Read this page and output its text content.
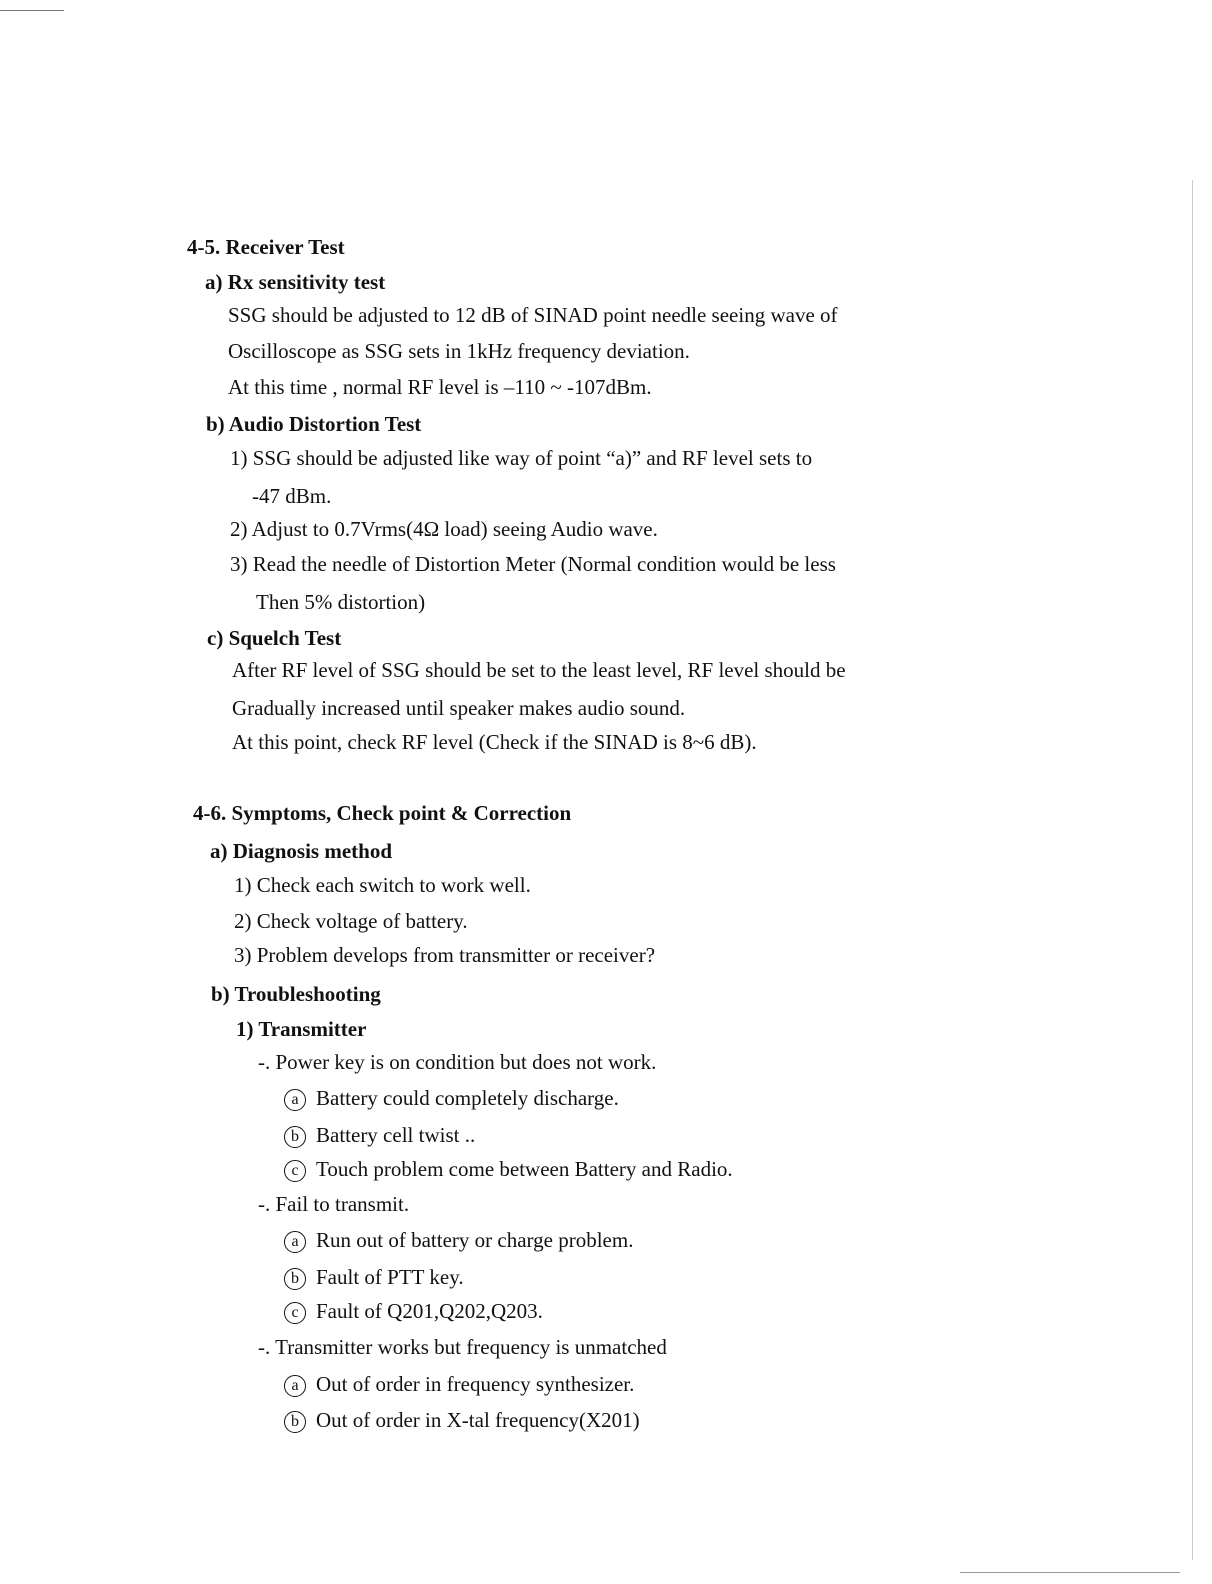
4-5. Receiver Test
a) Rx sensitivity test
SSG should be adjusted to 12 dB of SINAD point needle seeing wave of
Oscilloscope as SSG sets in 1kHz frequency deviation.
At this time , normal RF level is –110 ~ -107dBm.
b) Audio Distortion Test
1) SSG should be adjusted like way of point “a)” and RF level sets to
-47 dBm.
2) Adjust to 0.7Vrms(4Ω load) seeing Audio wave.
3) Read the needle of Distortion Meter (Normal condition would be less
Then 5% distortion)
c) Squelch Test
After RF level of SSG should be set to the least level, RF level should be
Gradually increased until speaker makes audio sound.
At this point, check RF level (Check if the SINAD is 8~6 dB).
4-6. Symptoms, Check point & Correction
a) Diagnosis method
1) Check each switch to work well.
2) Check voltage of battery.
3) Problem develops from transmitter or receiver?
b) Troubleshooting
1) Transmitter
-. Power key is on condition but does not work.
a Battery could completely discharge.
b Battery cell twist ..
c Touch problem come between Battery and Radio.
-. Fail to transmit.
a Run out of battery or charge problem.
b Fault of PTT key.
c Fault of Q201,Q202,Q203.
-. Transmitter works but frequency is unmatched
a Out of order in frequency synthesizer.
b Out of order in X-tal frequency(X201)
